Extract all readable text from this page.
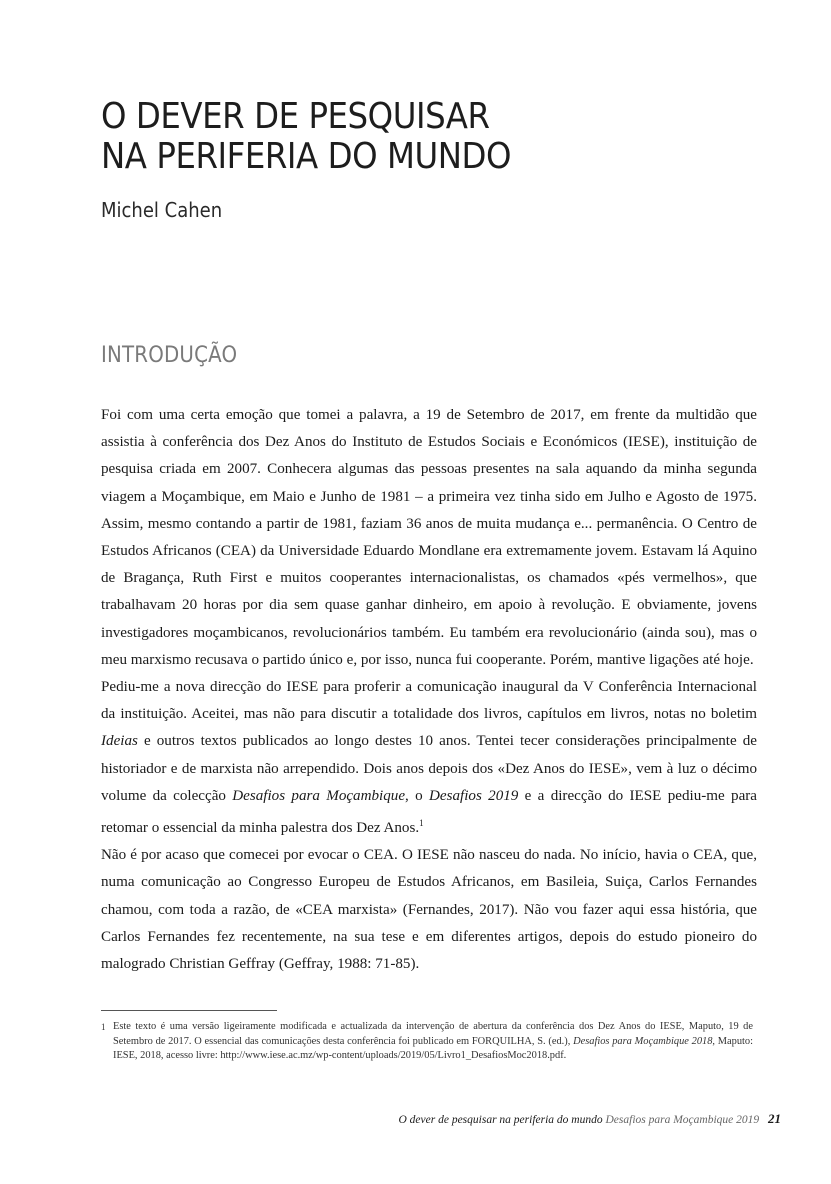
O DEVER DE PESQUISAR
NA PERIFERIA DO MUNDO
Michel Cahen
INTRODUÇÃO

Foi com uma certa emoção que tomei a palavra, a 19 de Setembro de 2017, em frente da multidão que assistia à conferência dos Dez Anos do Instituto de Estudos Sociais e Económicos (IESE), instituição de pesquisa criada em 2007. Conhecera algumas das pessoas presentes na sala aquando da minha segunda viagem a Moçambique, em Maio e Junho de 1981 – a primeira vez tinha sido em Julho e Agosto de 1975. Assim, mesmo contando a partir de 1981, faziam 36 anos de muita mudança e... permanência. O Centro de Estudos Africanos (CEA) da Universidade Eduardo Mondlane era extremamente jovem. Estavam lá Aquino de Bragança, Ruth First e muitos cooperantes internacionalistas, os chamados «pés vermelhos», que trabalhavam 20 horas por dia sem quase ganhar dinheiro, em apoio à revolução. E obviamente, jovens investigadores moçambicanos, revolucionários também. Eu também era revolucionário (ainda sou), mas o meu marxismo recusava o partido único e, por isso, nunca fui cooperante. Porém, mantive ligações até hoje.

Pediu-me a nova direcção do IESE para proferir a comunicação inaugural da V Conferência Internacional da instituição. Aceitei, mas não para discutir a totalidade dos livros, capítulos em livros, notas no boletim Ideias e outros textos publicados ao longo destes 10 anos. Tentei tecer considerações principalmente de historiador e de marxista não arrependido. Dois anos depois dos «Dez Anos do IESE», vem à luz o décimo volume da colecção Desafios para Moçambique, o Desafios 2019 e a direcção do IESE pediu-me para retomar o essencial da minha palestra dos Dez Anos.$^1$

Não é por acaso que comecei por evocar o CEA. O IESE não nasceu do nada. No início, havia o CEA, que, numa comunicação ao Congresso Europeu de Estudos Africanos, em Basileia, Suiça, Carlos Fernandes chamou, com toda a razão, de «CEA marxista» (Fernandes, 2017). Não vou fazer aqui essa história, que Carlos Fernandes fez recentemente, na sua tese e em diferentes artigos, depois do estudo pioneiro do malogrado Christian Geffray (Geffray, 1988: 71-85).

1 Este texto é uma versão ligeiramente modificada e actualizada da intervenção de abertura da conferência dos Dez Anos do IESE, Maputo, 19 de Setembro de 2017. O essencial das comunicações desta conferência foi publicado em FORQUILHA, S. (ed.), Desafios para Moçambique 2018, Maputo: IESE, 2018, acesso livre: http://www.iese.ac.mz/wp-content/uploads/2019/05/Livro1_DesafiosMoc2018.pdf.
O dever de pesquisar na periferia do mundo Desafios para Moçambique 2019 21
